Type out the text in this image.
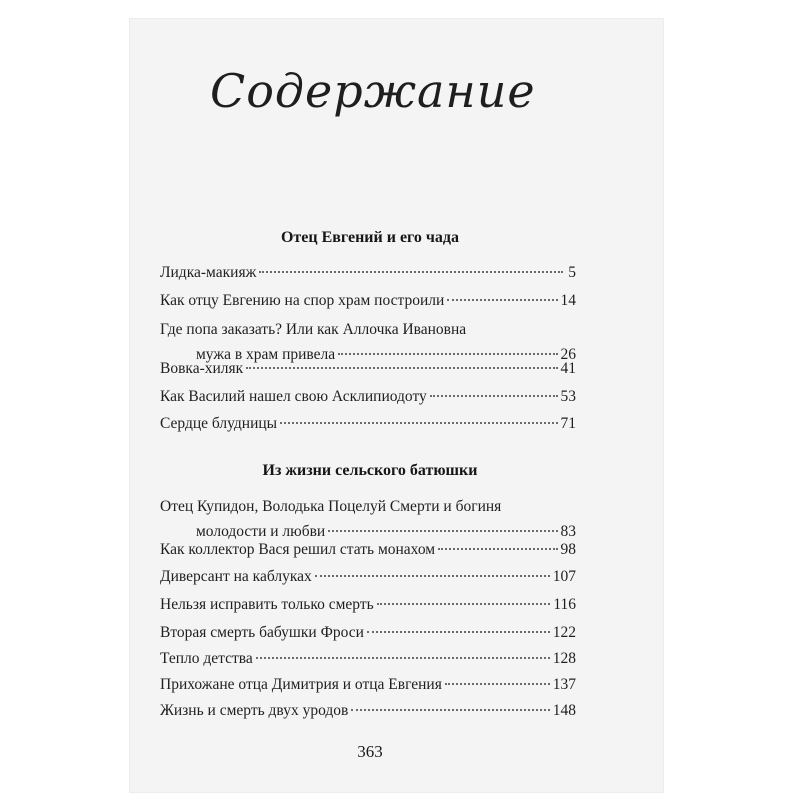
Содержание
Отец Евгений и его чада
Лидка-макияж	5
Как отцу Евгению на спор храм построили	14
Где попа заказать? Или как Аллочка Ивановна
мужа в храм привела	26
Вовка-хиляк	41
Как Василий нашел свою Асклипиодоту	53
Сердце блудницы	71
Из жизни сельского батюшки
Отец Купидон, Володька Поцелуй Смерти и богиня
молодости и любви	83
Как коллектор Вася решил стать монахом	98
Диверсант на каблуках	107
Нельзя исправить только смерть	116
Вторая смерть бабушки Фроси	122
Тепло детства	128
Прихожане отца Димитрия и отца Евгения	137
Жизнь и смерть двух уродов	148
363
